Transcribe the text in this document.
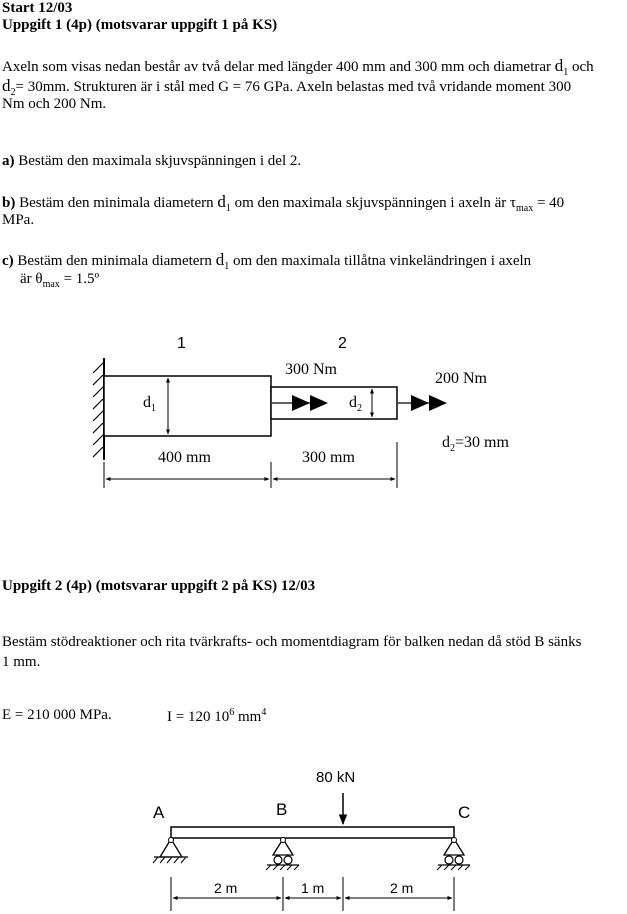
Start 12/03
Uppgift 1 (4p) (motsvarar uppgift 1 på KS)
Axeln som visas nedan består av två delar med längder 400 mm and 300 mm och diametrar $d_1$ och
$d_2= 30mm$. Strukturen är i stål med G = 76 GPa. Axeln belastas med två vridande moment 300
Nm och 200 Nm.
a) Bestäm den maximala skjuvspänningen i del 2.
b) Bestäm den minimala diametern $d_1$ om den maximala skjuvspänningen i axeln är $\tau_{max} = 40$
MPa.
c) Bestäm den minimala diametern $d_1$ om den maximala tillåtna vinkeländringen i axeln
är $\theta_{max}$ = 1.5º
1	2
300 Nm
200 Nm
$d_1$	$d_2$
$d_2=30$ mm
400 mm	300 mm
Uppgift 2 (4p) (motsvarar uppgift 2 på KS) 12/03
Bestäm stödreaktioner och rita tvärkrafts- och momentdiagram för balken nedan då stöd B sänks
1 mm.
E = 210 000 MPa.	I = 120 $10^6$ $mm^4$
80 kN
A	B	C
2 m	1 m	2 m
